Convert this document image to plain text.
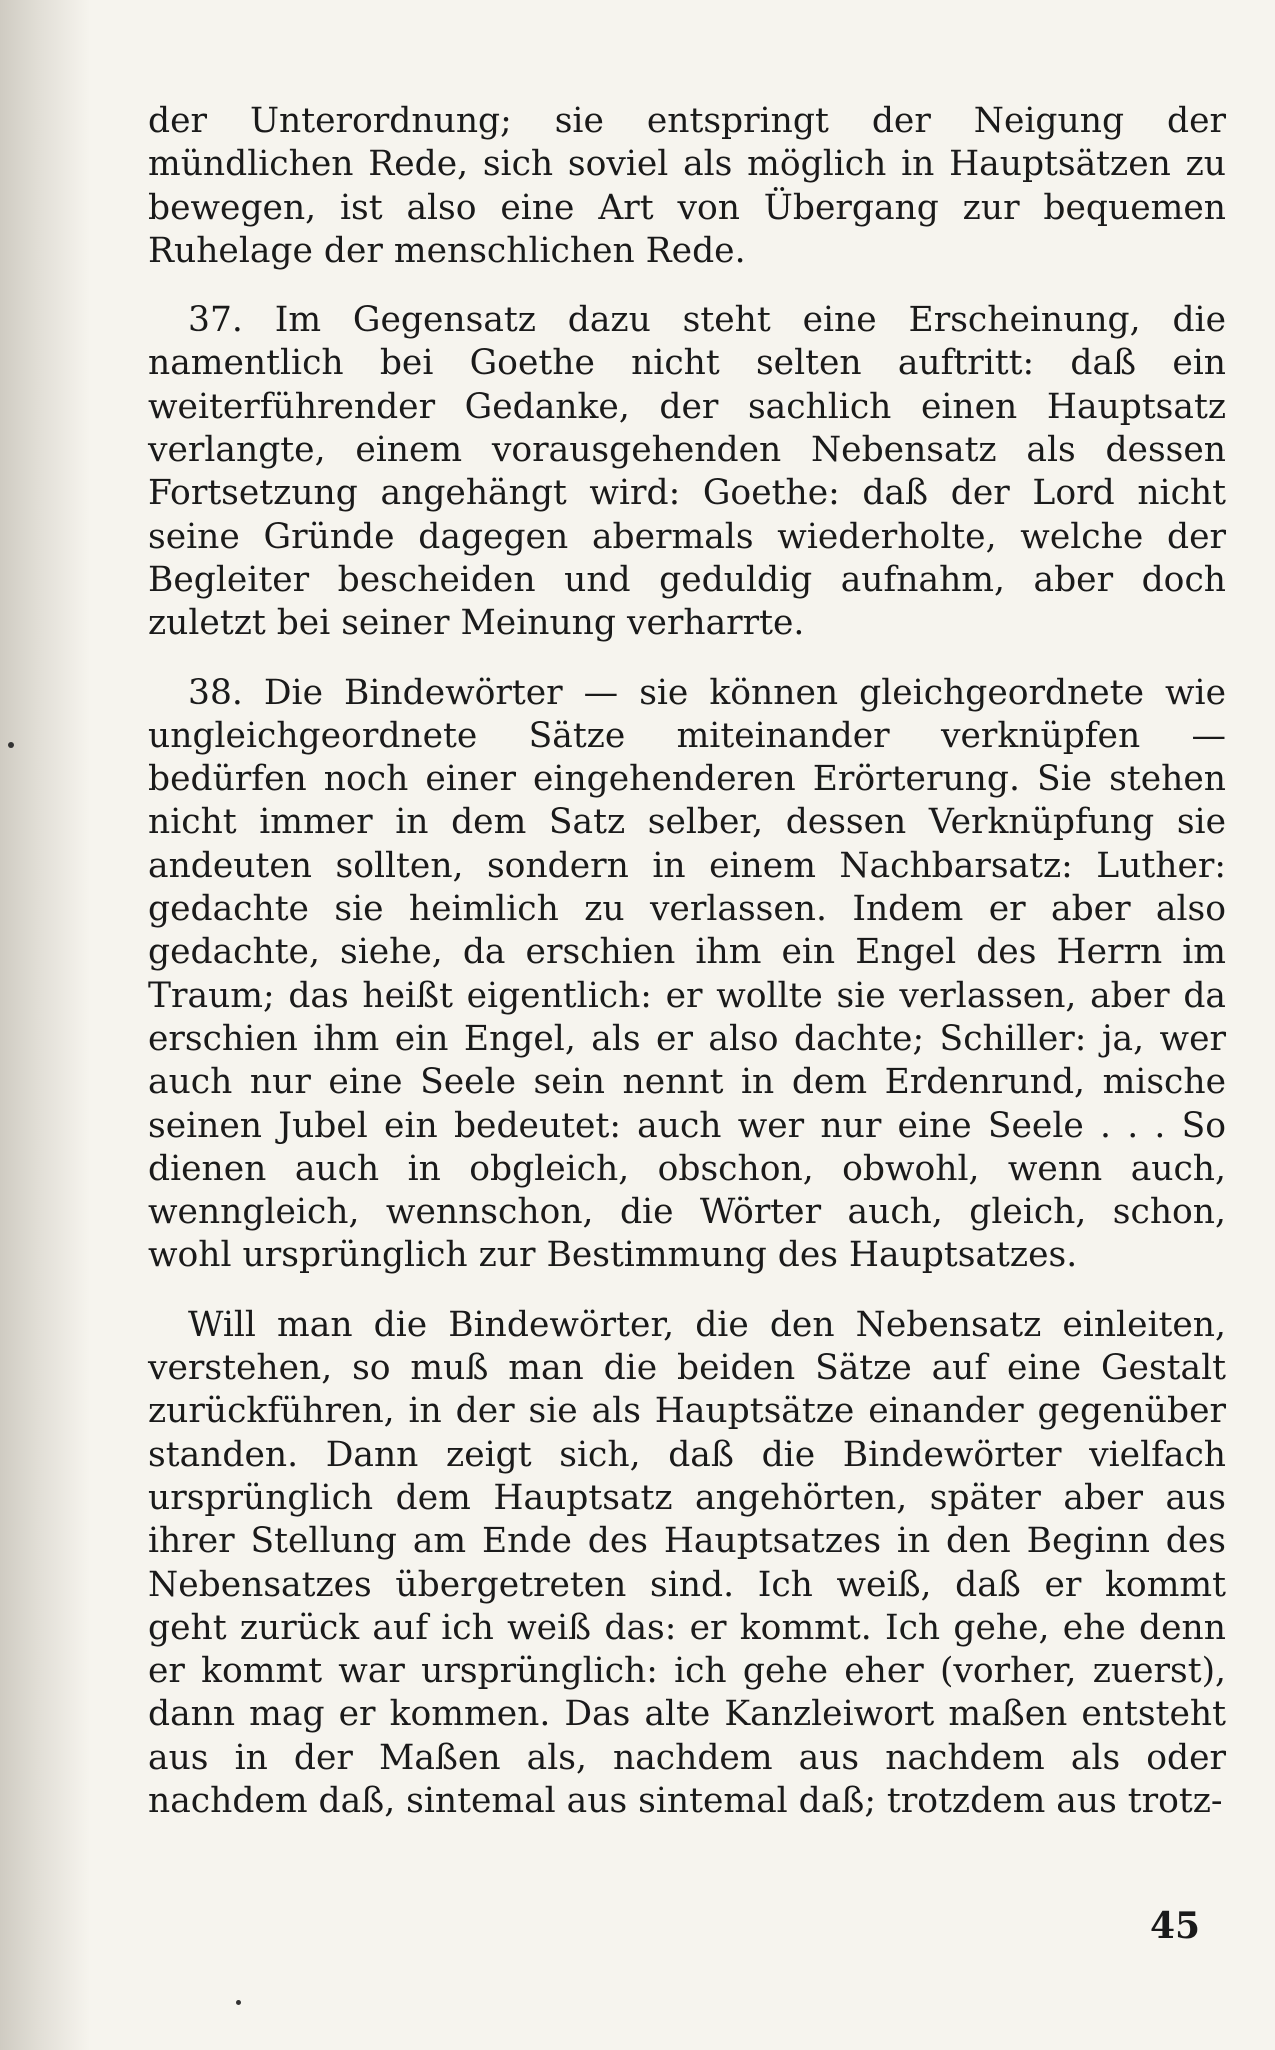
der Unterordnung; sie entspringt der Neigung der mündlichen Rede, sich soviel als möglich in Hauptsätzen zu bewegen, ist also eine Art von Übergang zur bequemen Ruhelage der menschlichen Rede.

37. Im Gegensatz dazu steht eine Erscheinung, die namentlich bei Goethe nicht selten auftritt: daß ein weiterführender Gedanke, der sachlich einen Hauptsatz verlangte, einem vorausgehenden Nebensatz als dessen Fortsetzung angehängt wird: Goethe: daß der Lord nicht seine Gründe dagegen abermals wiederholte, welche der Begleiter bescheiden und geduldig aufnahm, aber doch zuletzt bei seiner Meinung verharrte.

38. Die Bindewörter — sie können gleichgeordnete wie ungleichgeordnete Sätze miteinander verknüpfen — bedürfen noch einer eingehenderen Erörterung. Sie stehen nicht immer in dem Satz selber, dessen Verknüpfung sie andeuten sollten, sondern in einem Nachbarsatz: Luther: gedachte sie heimlich zu verlassen. Indem er aber also gedachte, siehe, da erschien ihm ein Engel des Herrn im Traum; das heißt eigentlich: er wollte sie verlassen, aber da erschien ihm ein Engel, als er also dachte; Schiller: ja, wer auch nur eine Seele sein nennt in dem Erdenrund, mische seinen Jubel ein bedeutet: auch wer nur eine Seele . . . So dienen auch in obgleich, obschon, obwohl, wenn auch, wenngleich, wennschon, die Wörter auch, gleich, schon, wohl ursprünglich zur Bestimmung des Hauptsatzes.

Will man die Bindewörter, die den Nebensatz einleiten, verstehen, so muß man die beiden Sätze auf eine Gestalt zurückführen, in der sie als Hauptsätze einander gegenüber standen. Dann zeigt sich, daß die Bindewörter vielfach ursprünglich dem Hauptsatz angehörten, später aber aus ihrer Stellung am Ende des Hauptsatzes in den Beginn des Nebensatzes übergetreten sind. Ich weiß, daß er kommt geht zurück auf ich weiß das: er kommt. Ich gehe, ehe denn er kommt war ursprünglich: ich gehe eher (vorher, zuerst), dann mag er kommen. Das alte Kanzleiwort maßen entsteht aus in der Maßen als, nachdem aus nachdem als oder nachdem daß, sintemal aus sintemal daß; trotzdem aus trotz-

45
